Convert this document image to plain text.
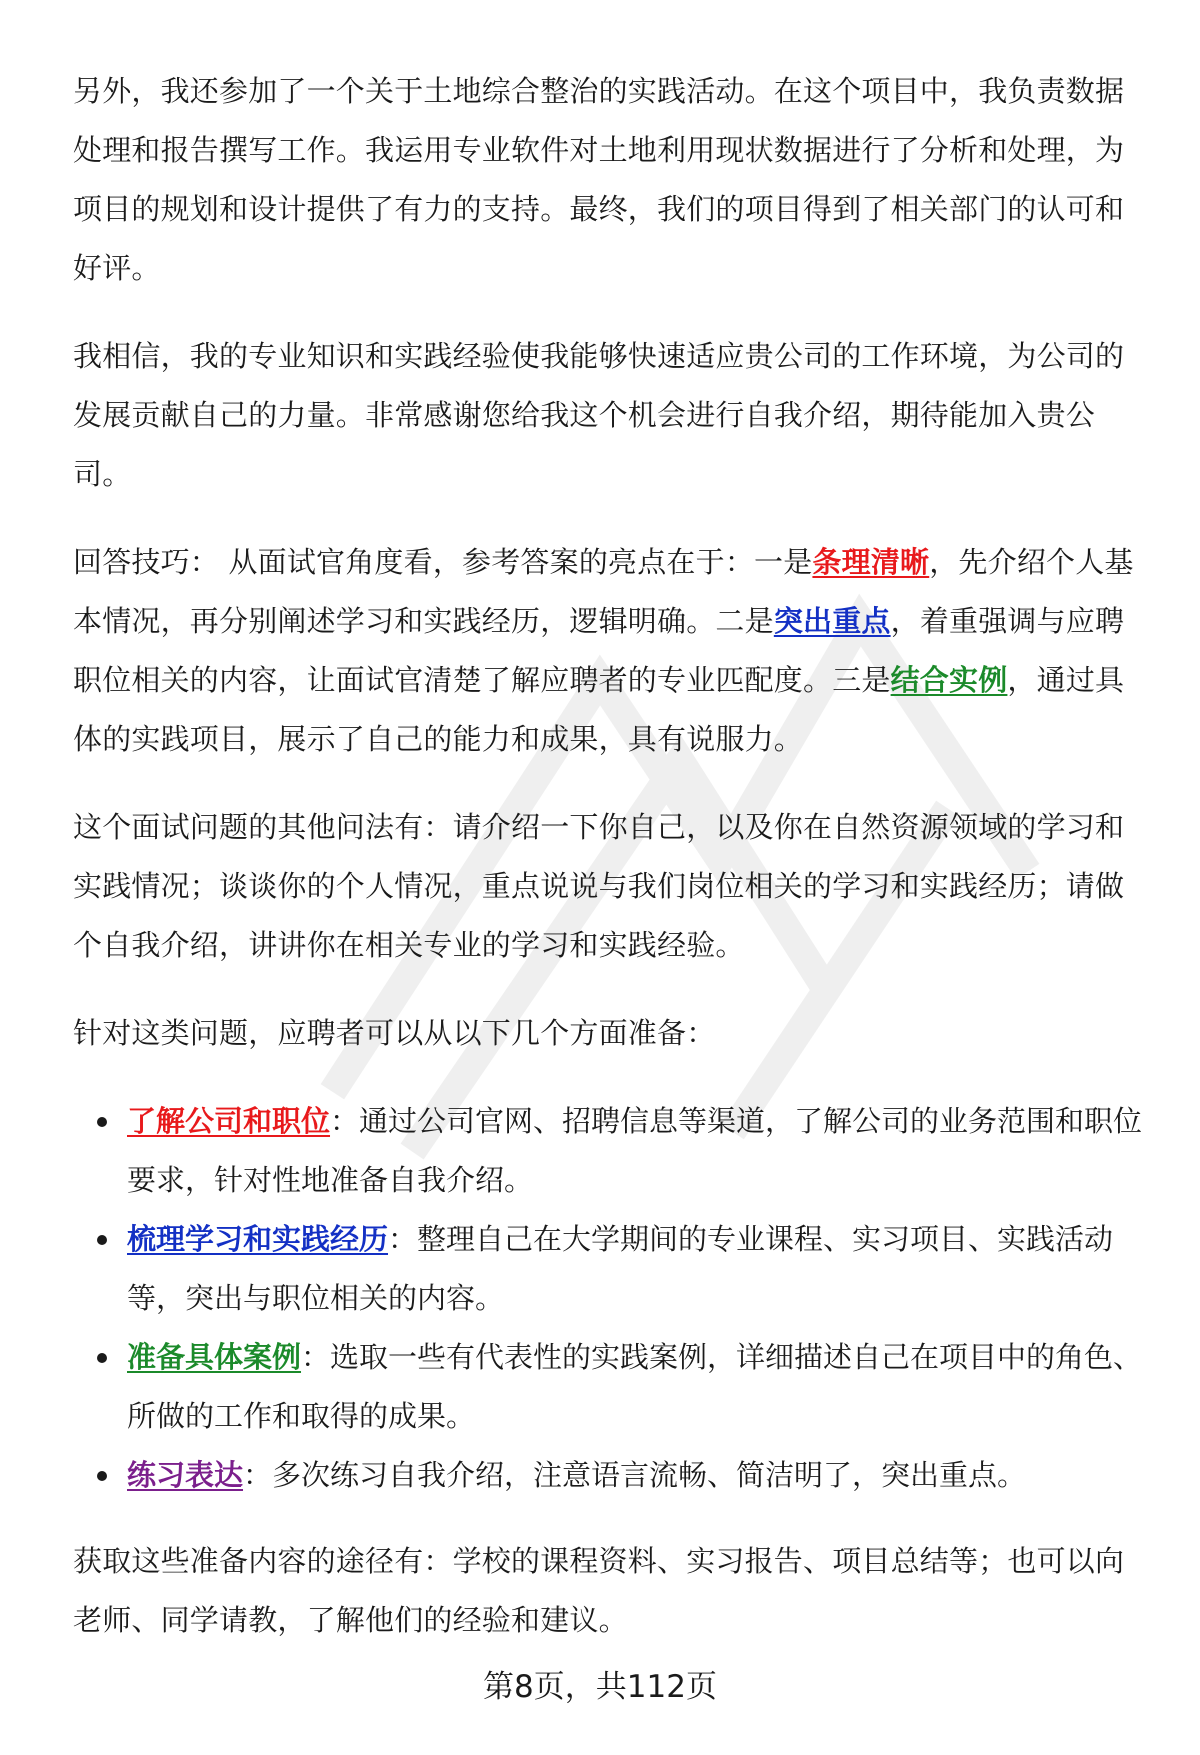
另外，我还参加了一个关于土地综合整治的实践活动。在这个项目中，我负责数据处理和报告撰写工作。我运用专业软件对土地利用现状数据进行了分析和处理，为项目的规划和设计提供了有力的支持。最终，我们的项目得到了相关部门的认可和好评。

我相信，我的专业知识和实践经验使我能够快速适应贵公司的工作环境，为公司的发展贡献自己的力量。非常感谢您给我这个机会进行自我介绍，期待能加入贵公司。

回答技巧： 从面试官角度看，参考答案的亮点在于：一是条理清晰，先介绍个人基本情况，再分别阐述学习和实践经历，逻辑明确。二是突出重点，着重强调与应聘职位相关的内容，让面试官清楚了解应聘者的专业匹配度。三是结合实例，通过具体的实践项目，展示了自己的能力和成果，具有说服力。

这个面试问题的其他问法有：请介绍一下你自己，以及你在自然资源领域的学习和实践情况；谈谈你的个人情况，重点说说与我们岗位相关的学习和实践经历；请做个自我介绍，讲讲你在相关专业的学习和实践经验。

针对这类问题，应聘者可以从以下几个方面准备：

了解公司和职位：通过公司官网、招聘信息等渠道，了解公司的业务范围和职位要求，针对性地准备自我介绍。
梳理学习和实践经历：整理自己在大学期间的专业课程、实习项目、实践活动等，突出与职位相关的内容。
准备具体案例：选取一些有代表性的实践案例，详细描述自己在项目中的角色、所做的工作和取得的成果。
练习表达：多次练习自我介绍，注意语言流畅、简洁明了，突出重点。

获取这些准备内容的途径有：学校的课程资料、实习报告、项目总结等；也可以向老师、同学请教，了解他们的经验和建议。

第8页，共112页
